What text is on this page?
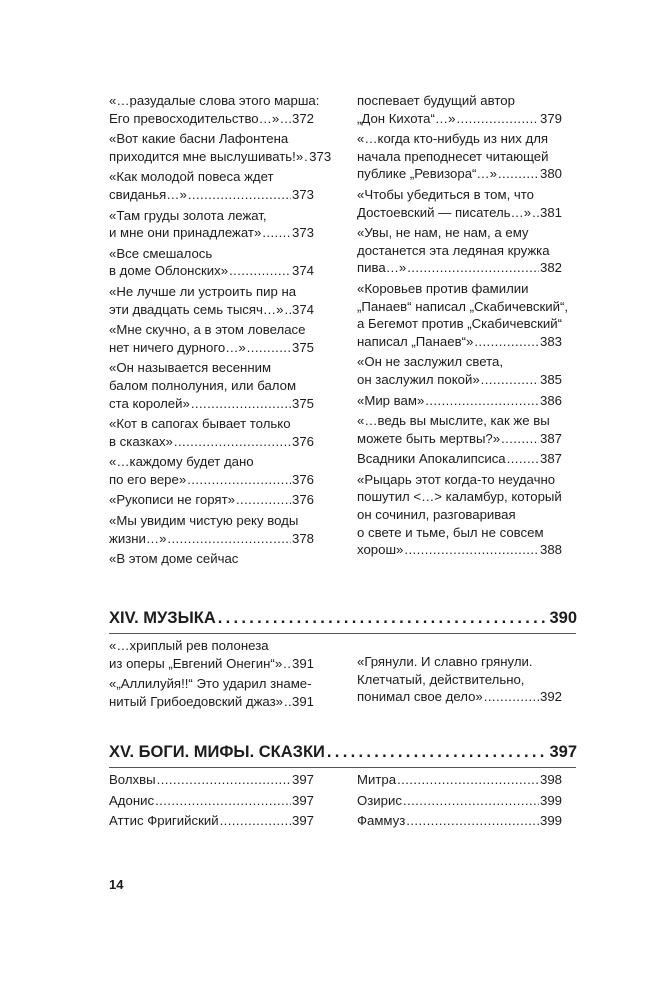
«…разудалые слова этого марша:
Его превосходительство…» ..... 372
«Вот какие басни Лафонтена
приходится мне выслушивать!» ..... 373
«Как молодой повеса ждет
свиданья…» .....	373
«Там груды золота лежат,
и мне они принадлежат» ..... 373
«Все смешалось
в доме Облонских» .....	374
«Не лучше ли устроить пир на
эти двадцать семь тысяч…» ..... 374
«Мне скучно, а в этом ловеласе
нет ничего дурного…» .....	375
«Он называется весенним
балом полнолуния, или балом
ста королей» .....	375
«Кот в сапогах бывает только
в сказках» .....	376
«…каждому будет дано
по его вере» .....	376
«Рукописи не горят» .....	376
«Мы увидим чистую реку воды
жизни…» .....	378
«В этом доме сейчас
поспевает будущий автор
„Дон Кихота“…» .....	379
«…когда кто-нибудь из них для
начала преподнесет читающей
публике „Ревизора“…» .....	380
«Чтобы убедиться в том, что
Достоевский — писатель…» ..... 381
«Увы, не нам, не нам, а ему
достанется эта ледяная кружка
пива…» .....	382
«Коровьев против фамилии
„Панаев“ написал „Скабичевский“,
а Бегемот против „Скабичевский“
написал „Панаев“» .....	383
«Он не заслужил света,
он заслужил покой» .....	385
«Мир вам» .....	386
«…ведь вы мыслите, как же вы
можете быть мертвы?» .....	387
Всадники Апокалипсиса .....	387
«Рыцарь этот когда-то неудачно
пошутил <…> каламбур, который
он сочинил, разговаривая
о свете и тьме, был не совсем
хорош» .....	388
XIV. МУЗЫКА .....	390
«…хриплый рев полонеза
из оперы „Евгений Онегин“» ..... 391
«„Аллилуйя!!“ Это ударил знаме-
нитый Грибоедовский джаз» ..... 391
«Грянули. И славно грянули.
Клетчатый, действительно,
понимал свое дело» .....	392
XV. БОГИ. МИФЫ. СКАЗКИ .....	397
Волхвы .....	397
Адонис .....	397
Аттис Фригийский .....	397
Митра .....	398
Озирис .....	399
Фаммуз .....	399
14
